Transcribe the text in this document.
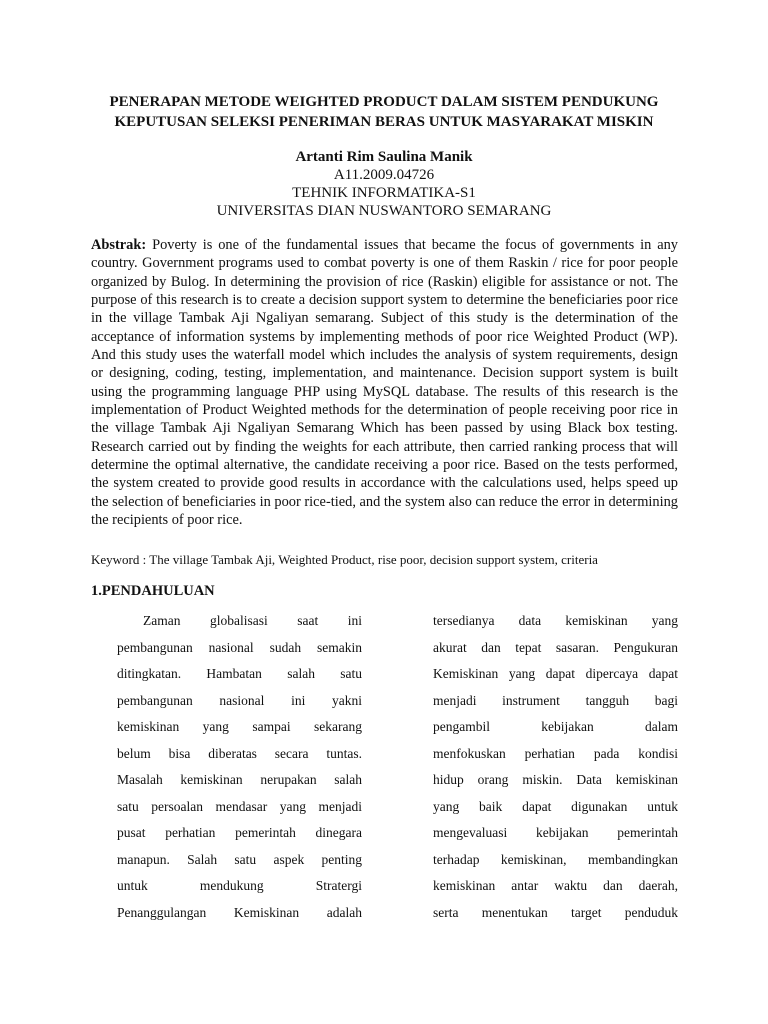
PENERAPAN METODE WEIGHTED PRODUCT DALAM SISTEM PENDUKUNG
KEPUTUSAN SELEKSI PENERIMAN BERAS UNTUK MASYARAKAT MISKIN
Artanti Rim Saulina Manik
A11.2009.04726
TEHNIK INFORMATIKA-S1
UNIVERSITAS DIAN NUSWANTORO SEMARANG
Abstrak: Poverty is one of the fundamental issues that became the focus of governments in any country. Government programs used to combat poverty is one of them Raskin / rice for poor people organized by Bulog. In determining the provision of rice (Raskin) eligible for assistance or not. The purpose of this research is to create a decision support system to determine the beneficiaries poor rice in the village Tambak Aji Ngaliyan semarang. Subject of this study is the determination of the acceptance of information systems by implementing methods of poor rice Weighted Product (WP). And this study uses the waterfall model which includes the analysis of system requirements, design or designing, coding, testing, implementation, and maintenance. Decision support system is built using the programming language PHP using MySQL database. The results of this research is the implementation of Product Weighted methods for the determination of people receiving poor rice in the village Tambak Aji Ngaliyan Semarang Which has been passed by using Black box testing. Research carried out by finding the weights for each attribute, then carried ranking process that will determine the optimal alternative, the candidate receiving a poor rice. Based on the tests performed, the system created to provide good results in accordance with the calculations used, helps speed up the selection of beneficiaries in poor rice-tied, and the system also can reduce the error in determining the recipients of poor rice.
Keyword : The village Tambak Aji, Weighted Product, rise poor, decision support system, criteria
1.PENDAHULUAN
Zaman globalisasi saat ini
pembangunan nasional sudah semakin
ditingkatan. Hambatan salah satu
pembangunan nasional ini yakni
kemiskinan yang sampai sekarang
belum bisa diberatas secara tuntas.
Masalah kemiskinan nerupakan salah
satu persoalan mendasar yang menjadi
pusat perhatian pemerintah dinegara
manapun. Salah satu aspek penting
untuk mendukung Stratergi
Penanggulangan Kemiskinan adalah
tersedianya data kemiskinan yang
akurat dan tepat sasaran. Pengukuran
Kemiskinan yang dapat dipercaya dapat
menjadi instrument tangguh bagi
pengambil kebijakan dalam
menfokuskan perhatian pada kondisi
hidup orang miskin. Data kemiskinan
yang baik dapat digunakan untuk
mengevaluasi kebijakan pemerintah
terhadap kemiskinan, membandingkan
kemiskinan antar waktu dan daerah,
serta menentukan target penduduk
